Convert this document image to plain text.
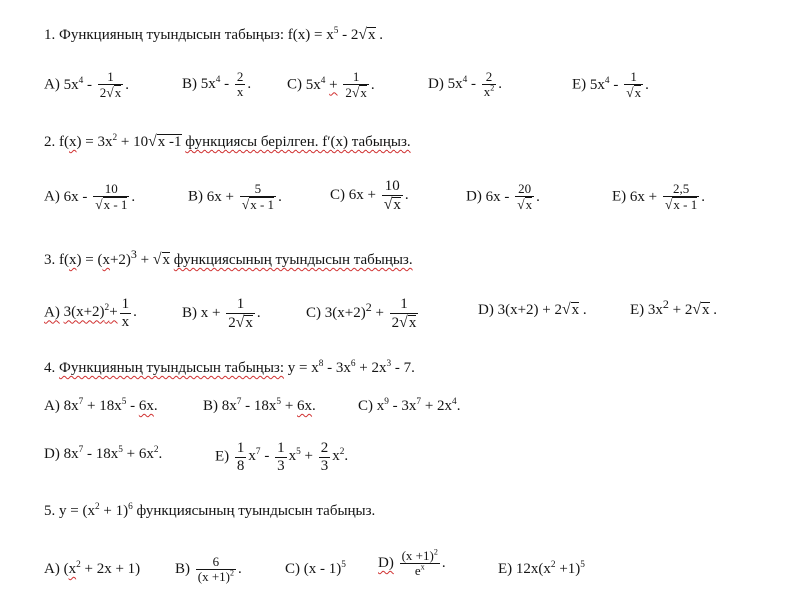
1. Функцияның туындысын табыңыз: $f(x) = x^5 - 2√x$ .
A) $5x^4 - \frac{1}{2√x}$ .	B) $5x^4 - \frac{2}{x}$ . C) $5x^4 + \frac{1}{2√x}$ .	D) $5x^4 - \frac{2}{x^2}$ .	E) $5x^4 - \frac{1}{√x}$ .
2. $f(x) = 3x^2 + 10√x$ -1 функциясы берілген. f′(x) табыңыз.
A) $6x - \frac{10}{√x - 1}$ .	B) $6x + \frac{5}{√x - 1}$ .	C) $6x + \frac{10}{√x}$ .	D) $6x - \frac{20}{√x}$ .	E) $6x + \frac{2,5}{√x - 1}$ .
3. $f(x) = (x+2)^3 + √x$ функциясының туындысын табыңыз.
A) $3(x+2)^2+ \frac{1}{x}$ .	B) $x + \frac{1}{2√x}$ .	C) $3(x+2)^2 + \frac{1}{2√x}$	D) 3(x+2) + 2√x .	E) $3x^2 + 2√x$ .
4. Функцияның туындысын табыңыз: $y = x^8 - 3x^6 + 2x^3 - 7$.
A) $8x^7 + 18x^5 - 6x$.	B) $8x^7 - 18x^5 + 6x$.	C) $x^9 - 3x^7 + 2x^4$.
D) $8x^7 - 18x^5 + 6x^2$.	$E) \frac{1}{8} x^7 - \frac{1}{3} x^5 + \frac{2}{3} x^2$.
5. $y = (x^2 + 1)^6$ функциясының туындысын табыңыз.
A) $(x^2 + 2x + 1)$ $B) \frac{6}{(x +1)^2}$ .	C) (x - 1)$^5$ $D) \frac{(x +1)^2}{e^x}$ .	E) $12x(x^2 +1)^5$
